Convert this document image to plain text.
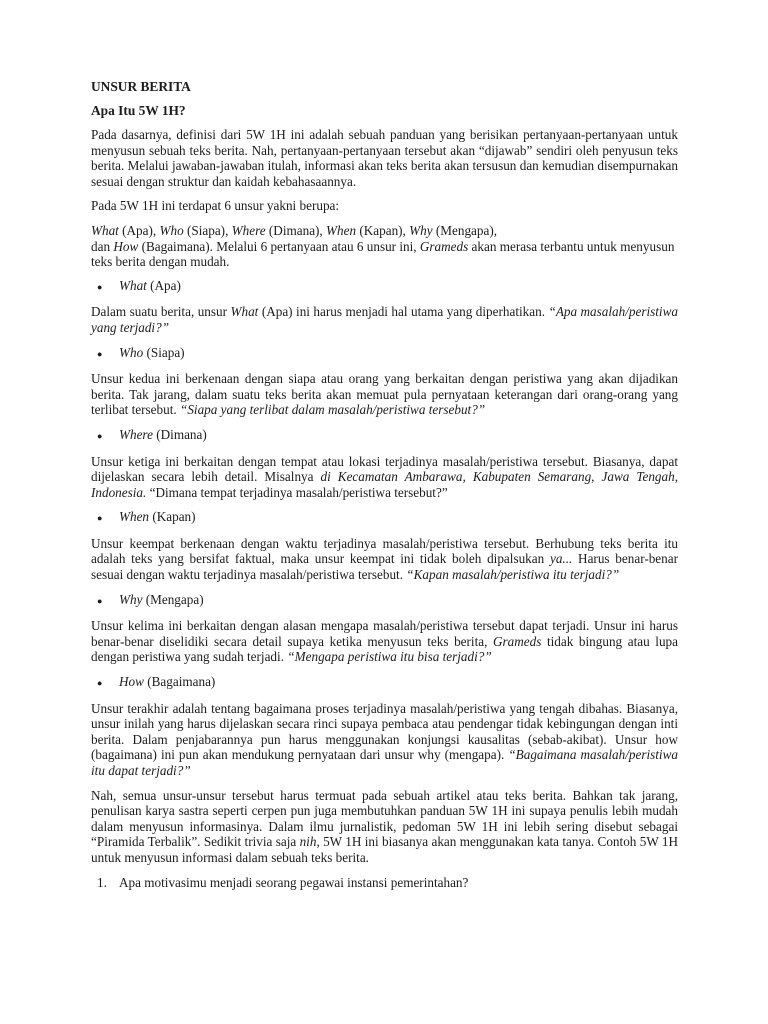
UNSUR BERITA
Apa Itu 5W 1H?

Pada dasarnya, definisi dari 5W 1H ini adalah sebuah panduan yang berisikan pertanyaan-pertanyaan untuk menyusun sebuah teks berita. Nah, pertanyaan-pertanyaan tersebut akan “dijawab” sendiri oleh penyusun teks berita. Melalui jawaban-jawaban itulah, informasi akan teks berita akan tersusun dan kemudian disempurnakan sesuai dengan struktur dan kaidah kebahasaannya.

Pada 5W 1H ini terdapat 6 unsur yakni berupa:

What (Apa), Who (Siapa), Where (Dimana), When (Kapan), Why (Mengapa),
dan How (Bagaimana). Melalui 6 pertanyaan atau 6 unsur ini, Grameds akan merasa terbantu untuk menyusun teks berita dengan mudah.

●	What (Apa)

Dalam suatu berita, unsur What (Apa) ini harus menjadi hal utama yang diperhatikan. “Apa masalah/peristiwa yang terjadi?”

●	Who (Siapa)

Unsur kedua ini berkenaan dengan siapa atau orang yang berkaitan dengan peristiwa yang akan dijadikan berita. Tak jarang, dalam suatu teks berita akan memuat pula pernyataan keterangan dari orang-orang yang terlibat tersebut. “Siapa yang terlibat dalam masalah/peristiwa tersebut?”

●	Where (Dimana)

Unsur ketiga ini berkaitan dengan tempat atau lokasi terjadinya masalah/peristiwa tersebut. Biasanya, dapat dijelaskan secara lebih detail. Misalnya di Kecamatan Ambarawa, Kabupaten Semarang, Jawa Tengah, Indonesia. “Dimana tempat terjadinya masalah/peristiwa tersebut?”

●	When (Kapan)

Unsur keempat berkenaan dengan waktu terjadinya masalah/peristiwa tersebut. Berhubung teks berita itu adalah teks yang bersifat faktual, maka unsur keempat ini tidak boleh dipalsukan ya... Harus benar-benar sesuai dengan waktu terjadinya masalah/peristiwa tersebut. “Kapan masalah/peristiwa itu terjadi?”

●	Why (Mengapa)

Unsur kelima ini berkaitan dengan alasan mengapa masalah/peristiwa tersebut dapat terjadi. Unsur ini harus benar-benar diselidiki secara detail supaya ketika menyusun teks berita, Grameds tidak bingung atau lupa dengan peristiwa yang sudah terjadi. “Mengapa peristiwa itu bisa terjadi?”

●	How (Bagaimana)

Unsur terakhir adalah tentang bagaimana proses terjadinya masalah/peristiwa yang tengah dibahas. Biasanya, unsur inilah yang harus dijelaskan secara rinci supaya pembaca atau pendengar tidak kebingungan dengan inti berita. Dalam penjabarannya pun harus menggunakan konjungsi kausalitas (sebab-akibat). Unsur how (bagaimana) ini pun akan mendukung pernyataan dari unsur why (mengapa). “Bagaimana masalah/peristiwa itu dapat terjadi?”

Nah, semua unsur-unsur tersebut harus termuat pada sebuah artikel atau teks berita. Bahkan tak jarang, penulisan karya sastra seperti cerpen pun juga membutuhkan panduan 5W 1H ini supaya penulis lebih mudah dalam menyusun informasinya. Dalam ilmu jurnalistik, pedoman 5W 1H ini lebih sering disebut sebagai “Piramida Terbalik”. Sedikit trivia saja nih, 5W 1H ini biasanya akan menggunakan kata tanya. Contoh 5W 1H untuk menyusun informasi dalam sebuah teks berita.

1. Apa motivasimu menjadi seorang pegawai instansi pemerintahan?
